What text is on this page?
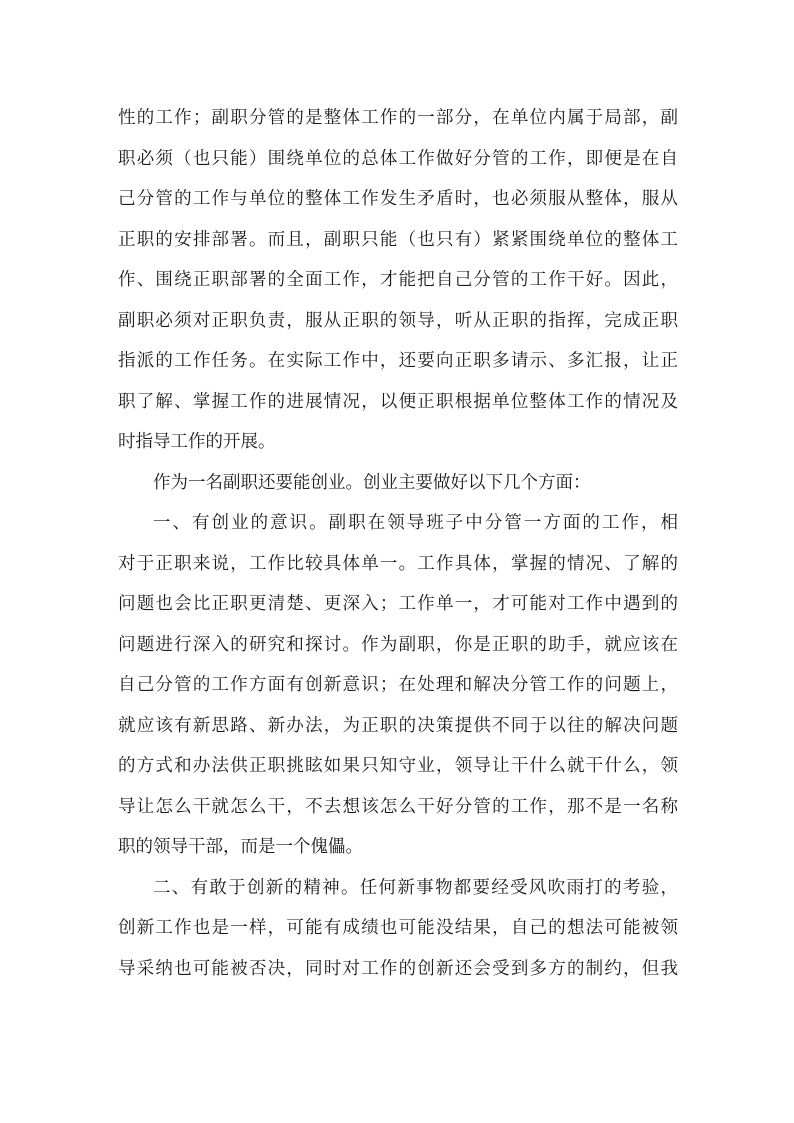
性的工作；副职分管的是整体工作的一部分，在单位内属于局部，副
职必须（也只能）围绕单位的总体工作做好分管的工作，即便是在自
己分管的工作与单位的整体工作发生矛盾时，也必须服从整体，服从
正职的安排部署。而且，副职只能（也只有）紧紧围绕单位的整体工
作、围绕正职部署的全面工作，才能把自己分管的工作干好。因此，
副职必须对正职负责，服从正职的领导，听从正职的指挥，完成正职
指派的工作任务。在实际工作中，还要向正职多请示、多汇报，让正
职了解、掌握工作的进展情况，以便正职根据单位整体工作的情况及
时指导工作的开展。
作为一名副职还要能创业。创业主要做好以下几个方面：
一、有创业的意识。副职在领导班子中分管一方面的工作，相
对于正职来说，工作比较具体单一。工作具体，掌握的情况、了解的
问题也会比正职更清楚、更深入；工作单一，才可能对工作中遇到的
问题进行深入的研究和探讨。作为副职，你是正职的助手，就应该在
自己分管的工作方面有创新意识；在处理和解决分管工作的问题上，
就应该有新思路、新办法，为正职的决策提供不同于以往的解决问题
的方式和办法供正职挑眩如果只知守业，领导让干什么就干什么，领
导让怎么干就怎么干，不去想该怎么干好分管的工作，那不是一名称
职的领导干部，而是一个傀儡。
二、有敢于创新的精神。任何新事物都要经受风吹雨打的考验，
创新工作也是一样，可能有成绩也可能没结果，自己的想法可能被领
导采纳也可能被否决，同时对工作的创新还会受到多方的制约，但我
